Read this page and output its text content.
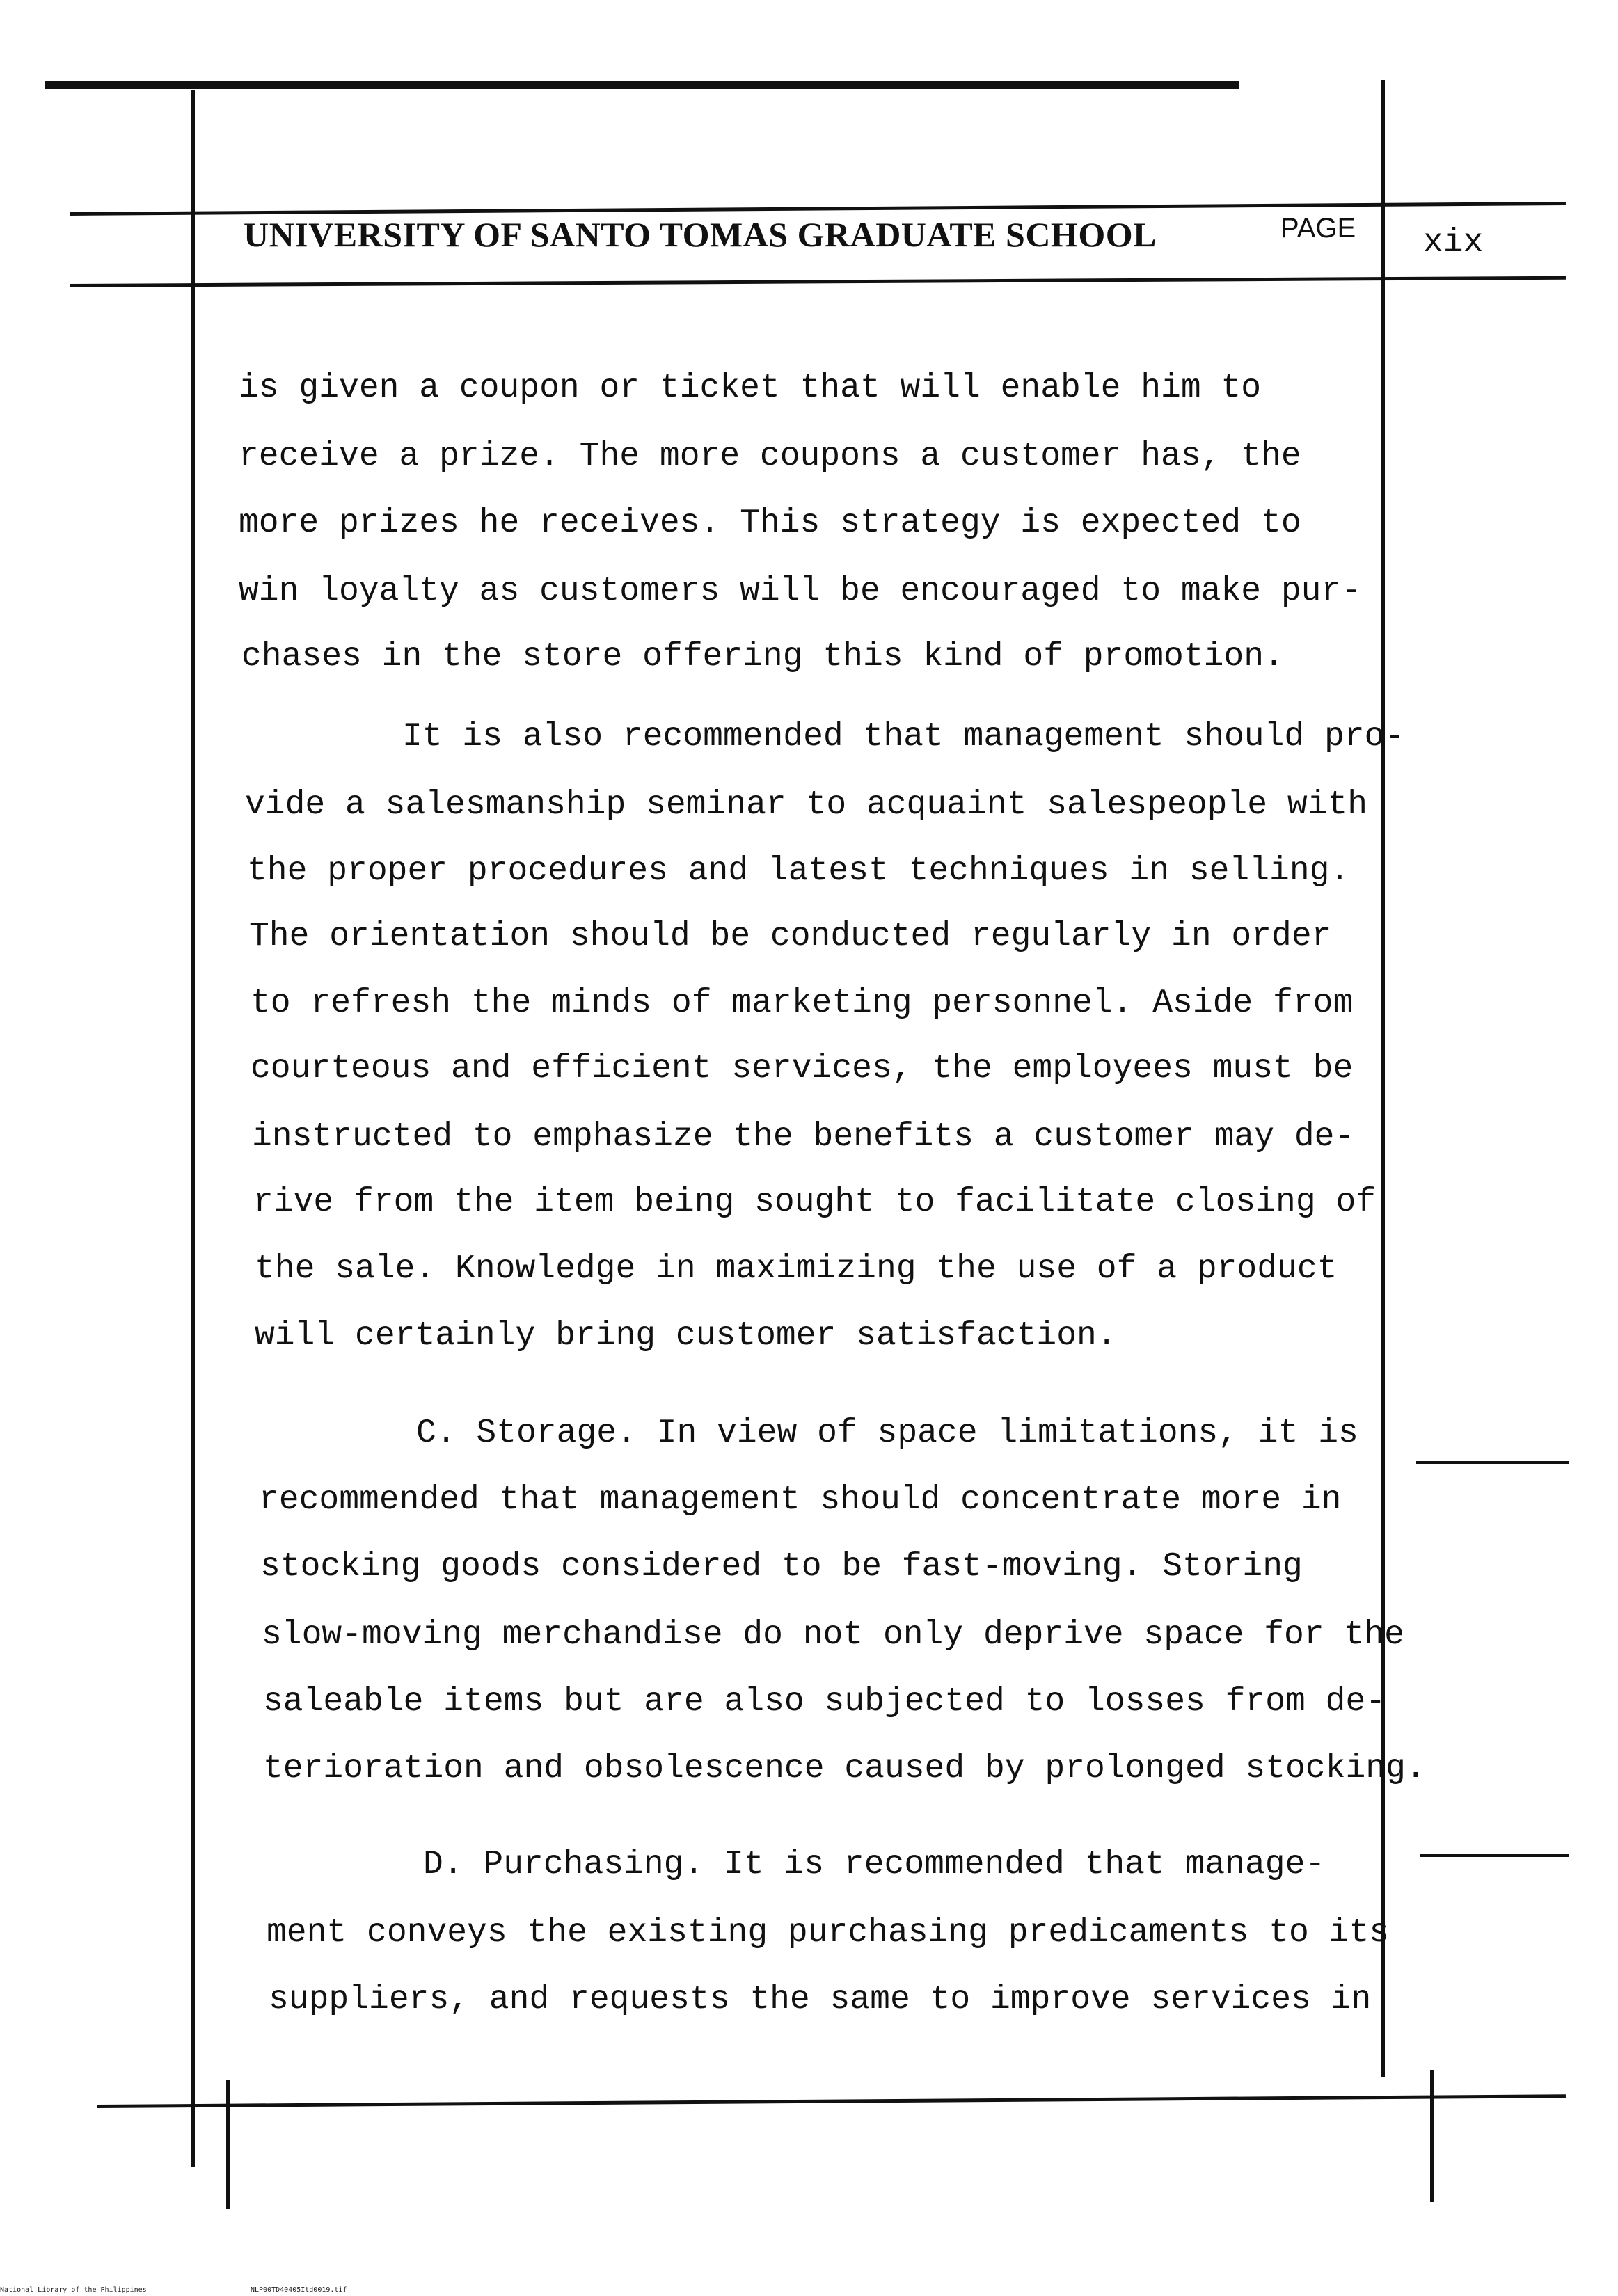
UNIVERSITY OF SANTO TOMAS GRADUATE SCHOOL	PAGE xix
is given a coupon or ticket that will enable him to
receive a prize. The more coupons a customer has, the
more prizes he receives. This strategy is expected to
win loyalty as customers will be encouraged to make pur-
chases in the store offering this kind of promotion.
It is also recommended that management should pro-
vide a salesmanship seminar to acquaint salespeople with
the proper procedures and latest techniques in selling.
The orientation should be conducted regularly in order
to refresh the minds of marketing personnel. Aside from
courteous and efficient services, the employees must be
instructed to emphasize the benefits a customer may de-
rive from the item being sought to facilitate closing of
the sale. Knowledge in maximizing the use of a product
will certainly bring customer satisfaction.
C. Storage. In view of space limitations, it is
recommended that management should concentrate more in
stocking goods considered to be fast-moving. Storing
slow-moving merchandise do not only deprive space for the
saleable items but are also subjected to losses from de-
terioration and obsolescence caused by prolonged stocking.
D. Purchasing. It is recommended that manage-
ment conveys the existing purchasing predicaments to its
suppliers, and requests the same to improve services in
National Library of the Philippines	NLP00TD40405Itd0019.tif
